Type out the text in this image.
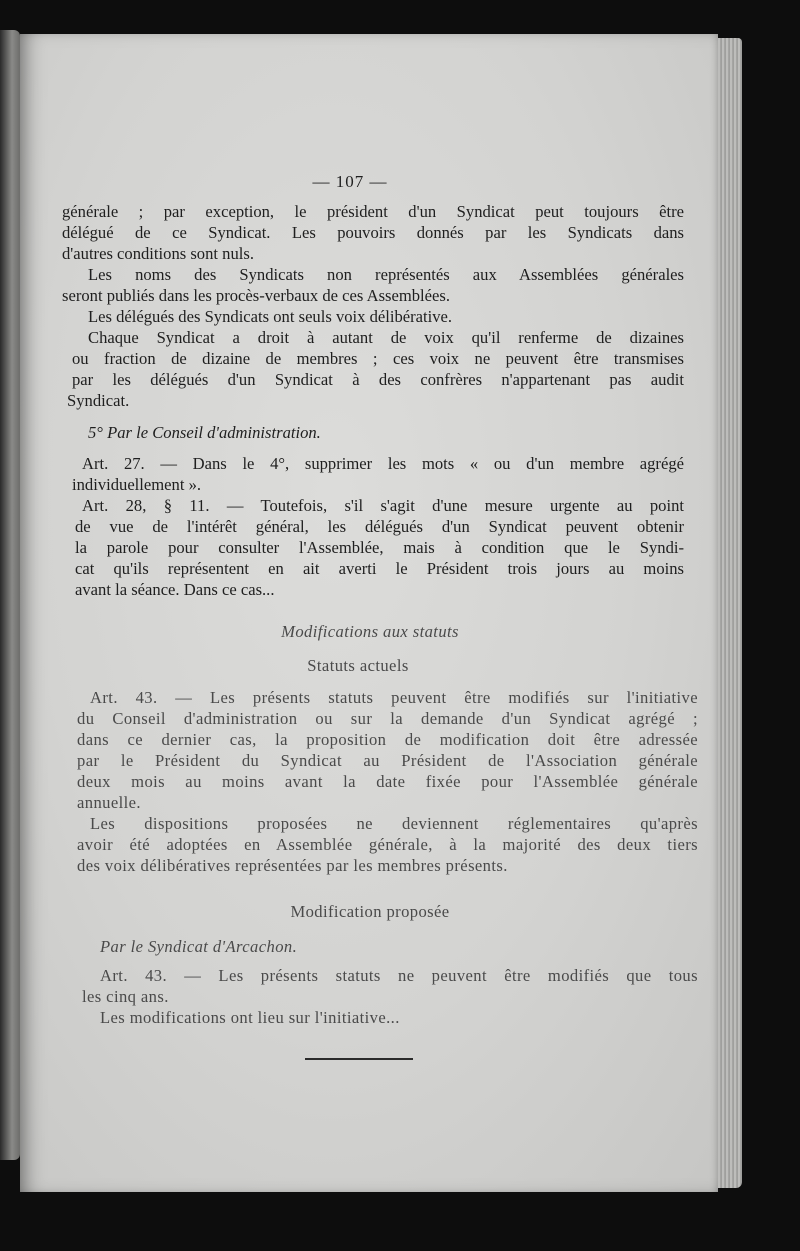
— 107 —

générale ; par exception, le président d'un Syndicat peut toujours être

délégué de ce Syndicat. Les pouvoirs donnés par les Syndicats dans

d'autres conditions sont nuls.

Les noms des Syndicats non représentés aux Assemblées générales

seront publiés dans les procès-verbaux de ces Assemblées.

Les délégués des Syndicats ont seuls voix délibérative.

Chaque Syndicat a droit à autant de voix qu'il renferme de dizaines

ou fraction de dizaine de membres ; ces voix ne peuvent être transmises

par les délégués d'un Syndicat à des confrères n'appartenant pas audit

Syndicat.

5° Par le Conseil d'administration.

Art. 27. — Dans le 4°, supprimer les mots « ou d'un membre agrégé

individuellement ».

Art. 28, § 11. — Toutefois, s'il s'agit d'une mesure urgente au point

de vue de l'intérêt général, les délégués d'un Syndicat peuvent obtenir

la parole pour consulter l'Assemblée, mais à condition que le Syndi-

cat qu'ils représentent en ait averti le Président trois jours au moins

avant la séance. Dans ce cas...

Modifications aux statuts

Statuts actuels

Art. 43. — Les présents statuts peuvent être modifiés sur l'initiative

du Conseil d'administration ou sur la demande d'un Syndicat agrégé ;

dans ce dernier cas, la proposition de modification doit être adressée

par le Président du Syndicat au Président de l'Association générale

deux mois au moins avant la date fixée pour l'Assemblée générale

annuelle.

Les dispositions proposées ne deviennent réglementaires qu'après

avoir été adoptées en Assemblée générale, à la majorité des deux tiers

des voix délibératives représentées par les membres présents.

Modification proposée

Par le Syndicat d'Arcachon.

Art. 43. — Les présents statuts ne peuvent être modifiés que tous

les cinq ans.

Les modifications ont lieu sur l'initiative...
